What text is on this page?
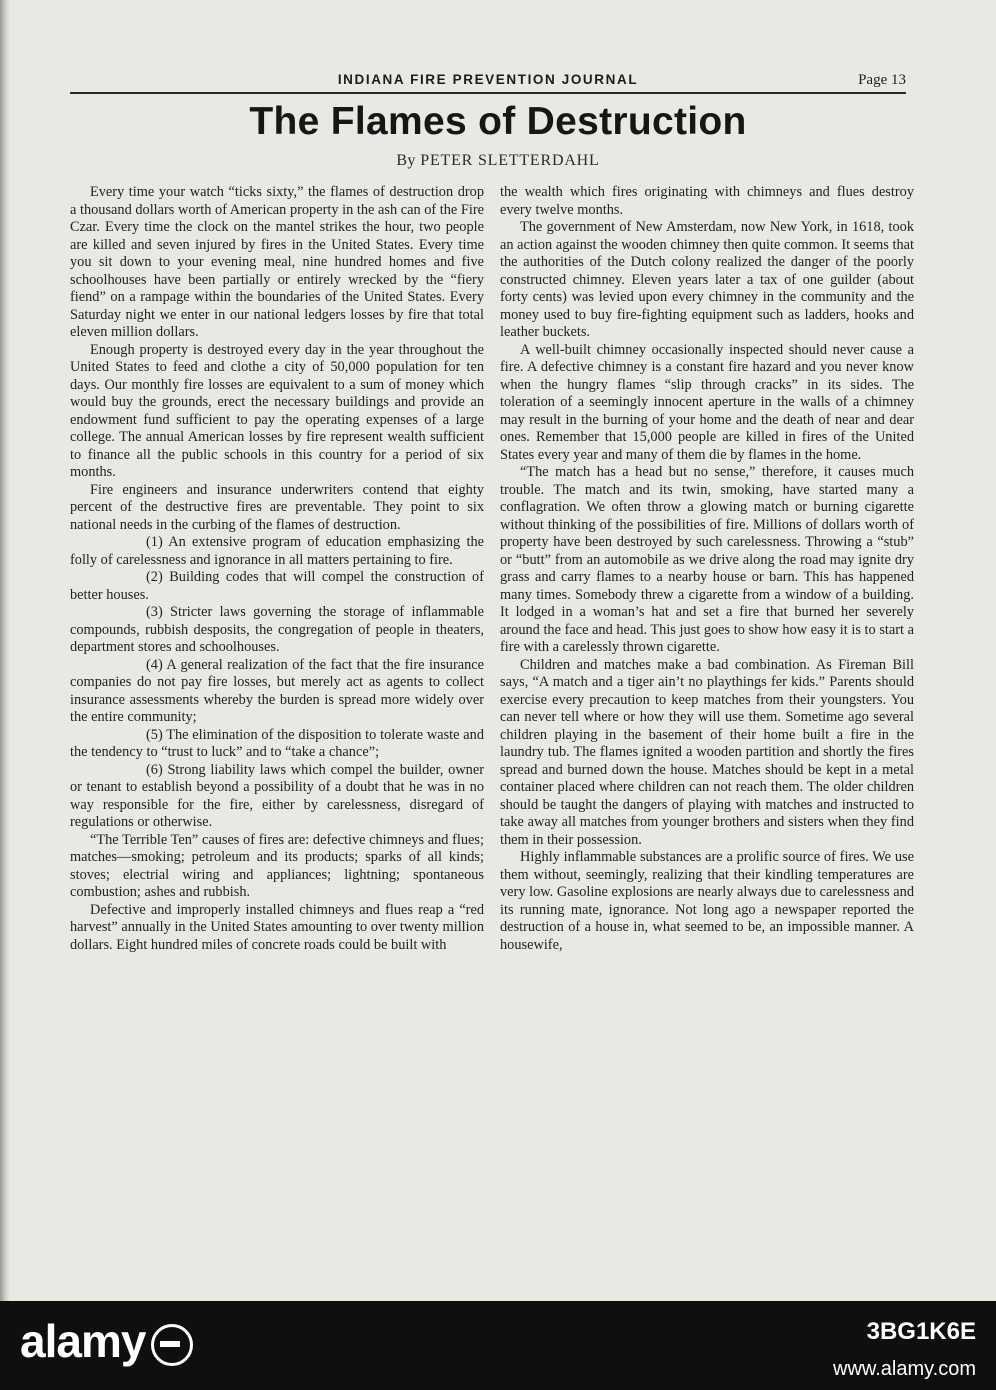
INDIANA FIRE PREVENTION JOURNAL	Page 13
The Flames of Destruction
By PETER SLETTERDAHL

Every time your watch “ticks sixty,” the flames of destruction drop a thousand dollars worth of American property in the ash can of the Fire Czar. Every time the clock on the mantel strikes the hour, two people are killed and seven injured by fires in the United States. Every time you sit down to your evening meal, nine hundred homes and five schoolhouses have been partially or entirely wrecked by the “fiery fiend” on a rampage within the boundaries of the United States. Every Saturday night we enter in our national ledgers losses by fire that total eleven million dollars.

Enough property is destroyed every day in the year throughout the United States to feed and clothe a city of 50,000 population for ten days. Our monthly fire losses are equivalent to a sum of money which would buy the grounds, erect the necessary buildings and provide an endowment fund sufficient to pay the operating expenses of a large college. The annual American losses by fire represent wealth sufficient to finance all the public schools in this country for a period of six months.

Fire engineers and insurance underwriters contend that eighty percent of the destructive fires are preventable. They point to six national needs in the curbing of the flames of destruction.

(1) An extensive program of education emphasizing the folly of carelessness and ignorance in all matters pertaining to fire.

(2) Building codes that will compel the construction of better houses.

(3) Stricter laws governing the storage of inflammable compounds, rubbish desposits, the congregation of people in theaters, department stores and schoolhouses.

(4) A general realization of the fact that the fire insurance companies do not pay fire losses, but merely act as agents to collect insurance assessments whereby the burden is spread more widely over the entire community;

(5) The elimination of the disposition to tolerate waste and the tendency to “trust to luck” and to “take a chance”;

(6) Strong liability laws which compel the builder, owner or tenant to establish beyond a possibility of a doubt that he was in no way responsible for the fire, either by carelessness, disregard of regulations or otherwise.

“The Terrible Ten” causes of fires are: defective chimneys and flues; matches—smoking; petroleum and its products; sparks of all kinds; stoves; electrial wiring and appliances; lightning; spontaneous combustion; ashes and rubbish.

Defective and improperly installed chimneys and flues reap a “red harvest” annually in the United States amounting to over twenty million dollars. Eight hundred miles of concrete roads could be built with

the wealth which fires originating with chimneys and flues destroy every twelve months.

The government of New Amsterdam, now New York, in 1618, took an action against the wooden chimney then quite common. It seems that the authorities of the Dutch colony realized the danger of the poorly constructed chimney. Eleven years later a tax of one guilder (about forty cents) was levied upon every chimney in the community and the money used to buy fire-fighting equipment such as ladders, hooks and leather buckets.

A well-built chimney occasionally inspected should never cause a fire. A defective chimney is a constant fire hazard and you never know when the hungry flames “slip through cracks” in its sides. The toleration of a seemingly innocent aperture in the walls of a chimney may result in the burning of your home and the death of near and dear ones. Remember that 15,000 people are killed in fires of the United States every year and many of them die by flames in the home.

“The match has a head but no sense,” therefore, it causes much trouble. The match and its twin, smoking, have started many a conflagration. We often throw a glowing match or burning cigarette without thinking of the possibilities of fire. Millions of dollars worth of property have been destroyed by such carelessness. Throwing a “stub” or “butt” from an automobile as we drive along the road may ignite dry grass and carry flames to a nearby house or barn. This has happened many times. Somebody threw a cigarette from a window of a building. It lodged in a woman’s hat and set a fire that burned her severely around the face and head. This just goes to show how easy it is to start a fire with a carelessly thrown cigarette.

Children and matches make a bad combination. As Fireman Bill says, “A match and a tiger ain’t no playthings fer kids.” Parents should exercise every precaution to keep matches from their youngsters. You can never tell where or how they will use them. Sometime ago several children playing in the basement of their home built a fire in the laundry tub. The flames ignited a wooden partition and shortly the fires spread and burned down the house. Matches should be kept in a metal container placed where children can not reach them. The older children should be taught the dangers of playing with matches and instructed to take away all matches from younger brothers and sisters when they find them in their possession.

Highly inflammable substances are a prolific source of fires. We use them without, seemingly, realizing that their kindling temperatures are very low. Gasoline explosions are nearly always due to carelessness and its running mate, ignorance. Not long ago a newspaper reported the destruction of a house in, what seemed to be, an impossible manner. A housewife,

alamy	3BG1K6E
www.alamy.com
